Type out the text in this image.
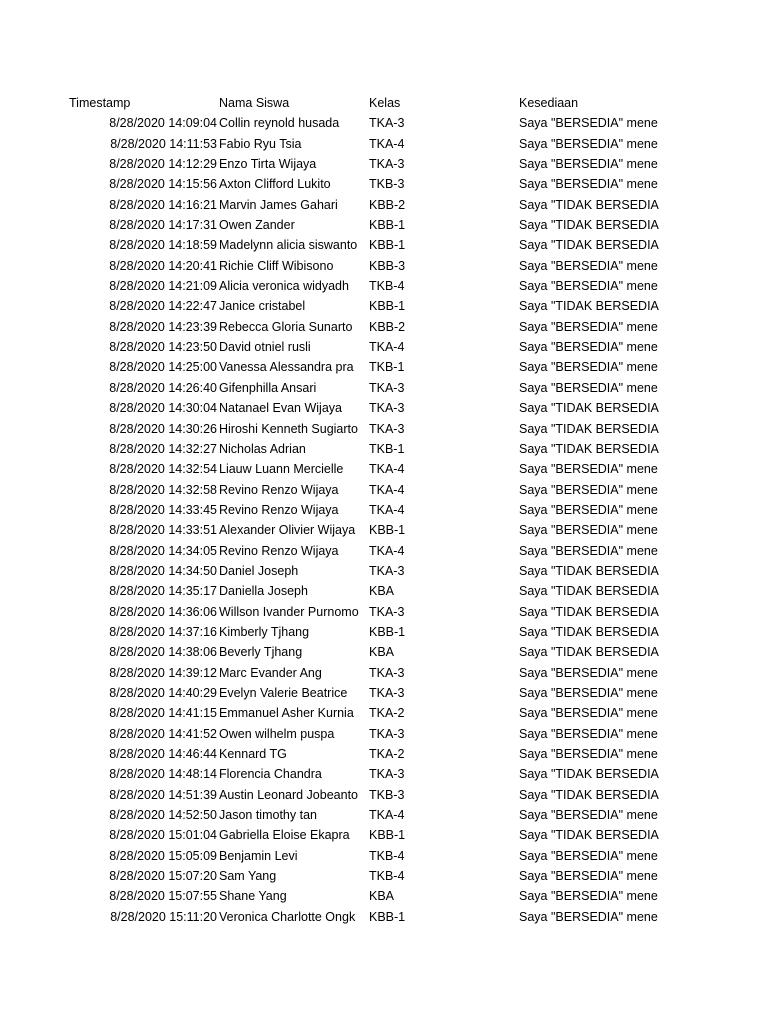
Timestamp	Nama Siswa	Kelas	Kesediaan
8/28/2020 14:09:04 Collin reynold husada	TKA-3	Saya "BERSEDIA" mene
8/28/2020 14:11:53 Fabio Ryu Tsia	TKA-4	Saya "BERSEDIA" mene
8/28/2020 14:12:29 Enzo Tirta Wijaya	TKA-3	Saya "BERSEDIA" mene
8/28/2020 14:15:56 Axton Clifford Lukito	TKB-3	Saya "BERSEDIA" mene
8/28/2020 14:16:21 Marvin James Gahari	KBB-2	Saya "TIDAK BERSEDIA
8/28/2020 14:17:31 Owen Zander	KBB-1	Saya "TIDAK BERSEDIA
8/28/2020 14:18:59 Madelynn alicia siswanto KBB-1	Saya "TIDAK BERSEDIA
8/28/2020 14:20:41 Richie Cliff Wibisono	KBB-3	Saya "BERSEDIA" mene
8/28/2020 14:21:09 Alicia veronica widyadh	TKB-4	Saya "BERSEDIA" mene
8/28/2020 14:22:47 Janice cristabel	KBB-1	Saya "TIDAK BERSEDIA
8/28/2020 14:23:39 Rebecca Gloria Sunarto	KBB-2	Saya "BERSEDIA" mene
8/28/2020 14:23:50 David otniel rusli	TKA-4	Saya "BERSEDIA" mene
8/28/2020 14:25:00 Vanessa Alessandra pra	TKB-1	Saya "BERSEDIA" mene
8/28/2020 14:26:40 Gifenphilla Ansari	TKA-3	Saya "BERSEDIA" mene
8/28/2020 14:30:04 Natanael Evan Wijaya	TKA-3	Saya "TIDAK BERSEDIA
8/28/2020 14:30:26 Hiroshi Kenneth Sugiarto TKA-3	Saya "TIDAK BERSEDIA
8/28/2020 14:32:27 Nicholas Adrian	TKB-1	Saya "TIDAK BERSEDIA
8/28/2020 14:32:54 Liauw Luann Mercielle	TKA-4	Saya "BERSEDIA" mene
8/28/2020 14:32:58 Revino Renzo Wijaya	TKA-4	Saya "BERSEDIA" mene
8/28/2020 14:33:45 Revino Renzo Wijaya	TKA-4	Saya "BERSEDIA" mene
8/28/2020 14:33:51 Alexander Olivier Wijaya	KBB-1	Saya "BERSEDIA" mene
8/28/2020 14:34:05 Revino Renzo Wijaya	TKA-4	Saya "BERSEDIA" mene
8/28/2020 14:34:50 Daniel Joseph	TKA-3	Saya "TIDAK BERSEDIA
8/28/2020 14:35:17 Daniella Joseph	KBA	Saya "TIDAK BERSEDIA
8/28/2020 14:36:06 Willson Ivander Purnomo TKA-3	Saya "TIDAK BERSEDIA
8/28/2020 14:37:16 Kimberly Tjhang	KBB-1	Saya "TIDAK BERSEDIA
8/28/2020 14:38:06 Beverly Tjhang	KBA	Saya "TIDAK BERSEDIA
8/28/2020 14:39:12 Marc Evander Ang	TKA-3	Saya "BERSEDIA" mene
8/28/2020 14:40:29 Evelyn Valerie Beatrice	TKA-3	Saya "BERSEDIA" mene
8/28/2020 14:41:15 Emmanuel Asher Kurnia	TKA-2	Saya "BERSEDIA" mene
8/28/2020 14:41:52 Owen wilhelm puspa	TKA-3	Saya "BERSEDIA" mene
8/28/2020 14:46:44 Kennard TG	TKA-2	Saya "BERSEDIA" mene
8/28/2020 14:48:14 Florencia Chandra	TKA-3	Saya "TIDAK BERSEDIA
8/28/2020 14:51:39 Austin Leonard Jobeanto TKB-3	Saya "TIDAK BERSEDIA
8/28/2020 14:52:50 Jason timothy tan	TKA-4	Saya "BERSEDIA" mene
8/28/2020 15:01:04 Gabriella Eloise Ekapra	KBB-1	Saya "TIDAK BERSEDIA
8/28/2020 15:05:09 Benjamin Levi	TKB-4	Saya "BERSEDIA" mene
8/28/2020 15:07:20 Sam Yang	TKB-4	Saya "BERSEDIA" mene
8/28/2020 15:07:55 Shane Yang	KBA	Saya "BERSEDIA" mene
8/28/2020 15:11:20 Veronica Charlotte Ongk	KBB-1	Saya "BERSEDIA" mene
